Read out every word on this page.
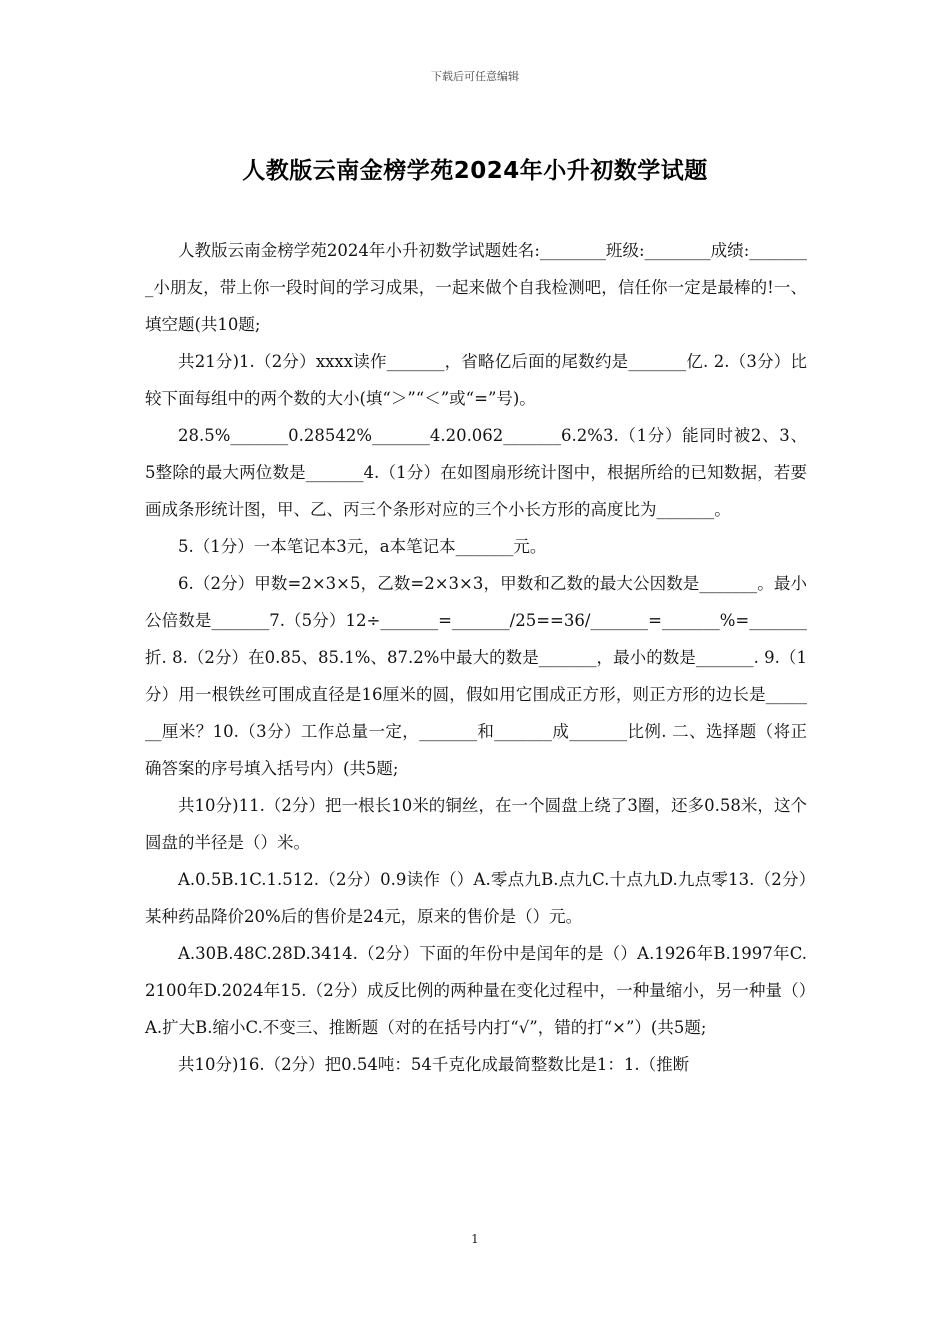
下载后可任意编辑
人教版云南金榜学苑2024年小升初数学试题

人教版云南金榜学苑2024年小升初数学试题姓名:________班级:________成绩:________小朋友，带上你一段时间的学习成果，一起来做个自我检测吧，信任你一定是最棒的!一、填空题(共10题;

共21分)1.（2分）xxxx读作_______，省略亿后面的尾数约是_______亿. 2.（3分）比较下面每组中的两个数的大小(填“＞”“＜”或“=”号)。

28.5%_______0.28542%_______4.20.062_______6.2%3.（1分）能同时被2、3、5整除的最大两位数是_______4.（1分）在如图扇形统计图中，根据所给的已知数据，若要画成条形统计图，甲、乙、丙三个条形对应的三个小长方形的高度比为_______。

5.（1分）一本笔记本3元，a本笔记本_______元。

6.（2分）甲数=2×3×5，乙数=2×3×3，甲数和乙数的最大公因数是_______。最小公倍数是_______7.（5分）12÷_______=_______/25==36/_______=_______%=_______折. 8.（2分）在0.85、85.1%、87.2%中最大的数是_______，最小的数是_______. 9.（1分）用一根铁丝可围成直径是16厘米的圆，假如用它围成正方形，则正方形的边长是_______厘米？10.（3分）工作总量一定，_______和_______成_______比例. 二、选择题（将正确答案的序号填入括号内）(共5题;

共10分)11.（2分）把一根长10米的铜丝，在一个圆盘上绕了3圈，还多0.58米，这个圆盘的半径是（）米。

A.0.5B.1C.1.512.（2分）0.9读作（）A.零点九B.点九C.十点九D.九点零13.（2分）某种药品降价20%后的售价是24元，原来的售价是（）元。

A.30B.48C.28D.3414.（2分）下面的年份中是闰年的是（）A.1926年B.1997年C.2100年D.2024年15.（2分）成反比例的两种量在变化过程中，一种量缩小，另一种量（）A.扩大B.缩小C.不变三、推断题（对的在括号内打“√”，错的打“×”）(共5题;

共10分)16.（2分）把0.54吨：54千克化成最简整数比是1：1.（推断

1
